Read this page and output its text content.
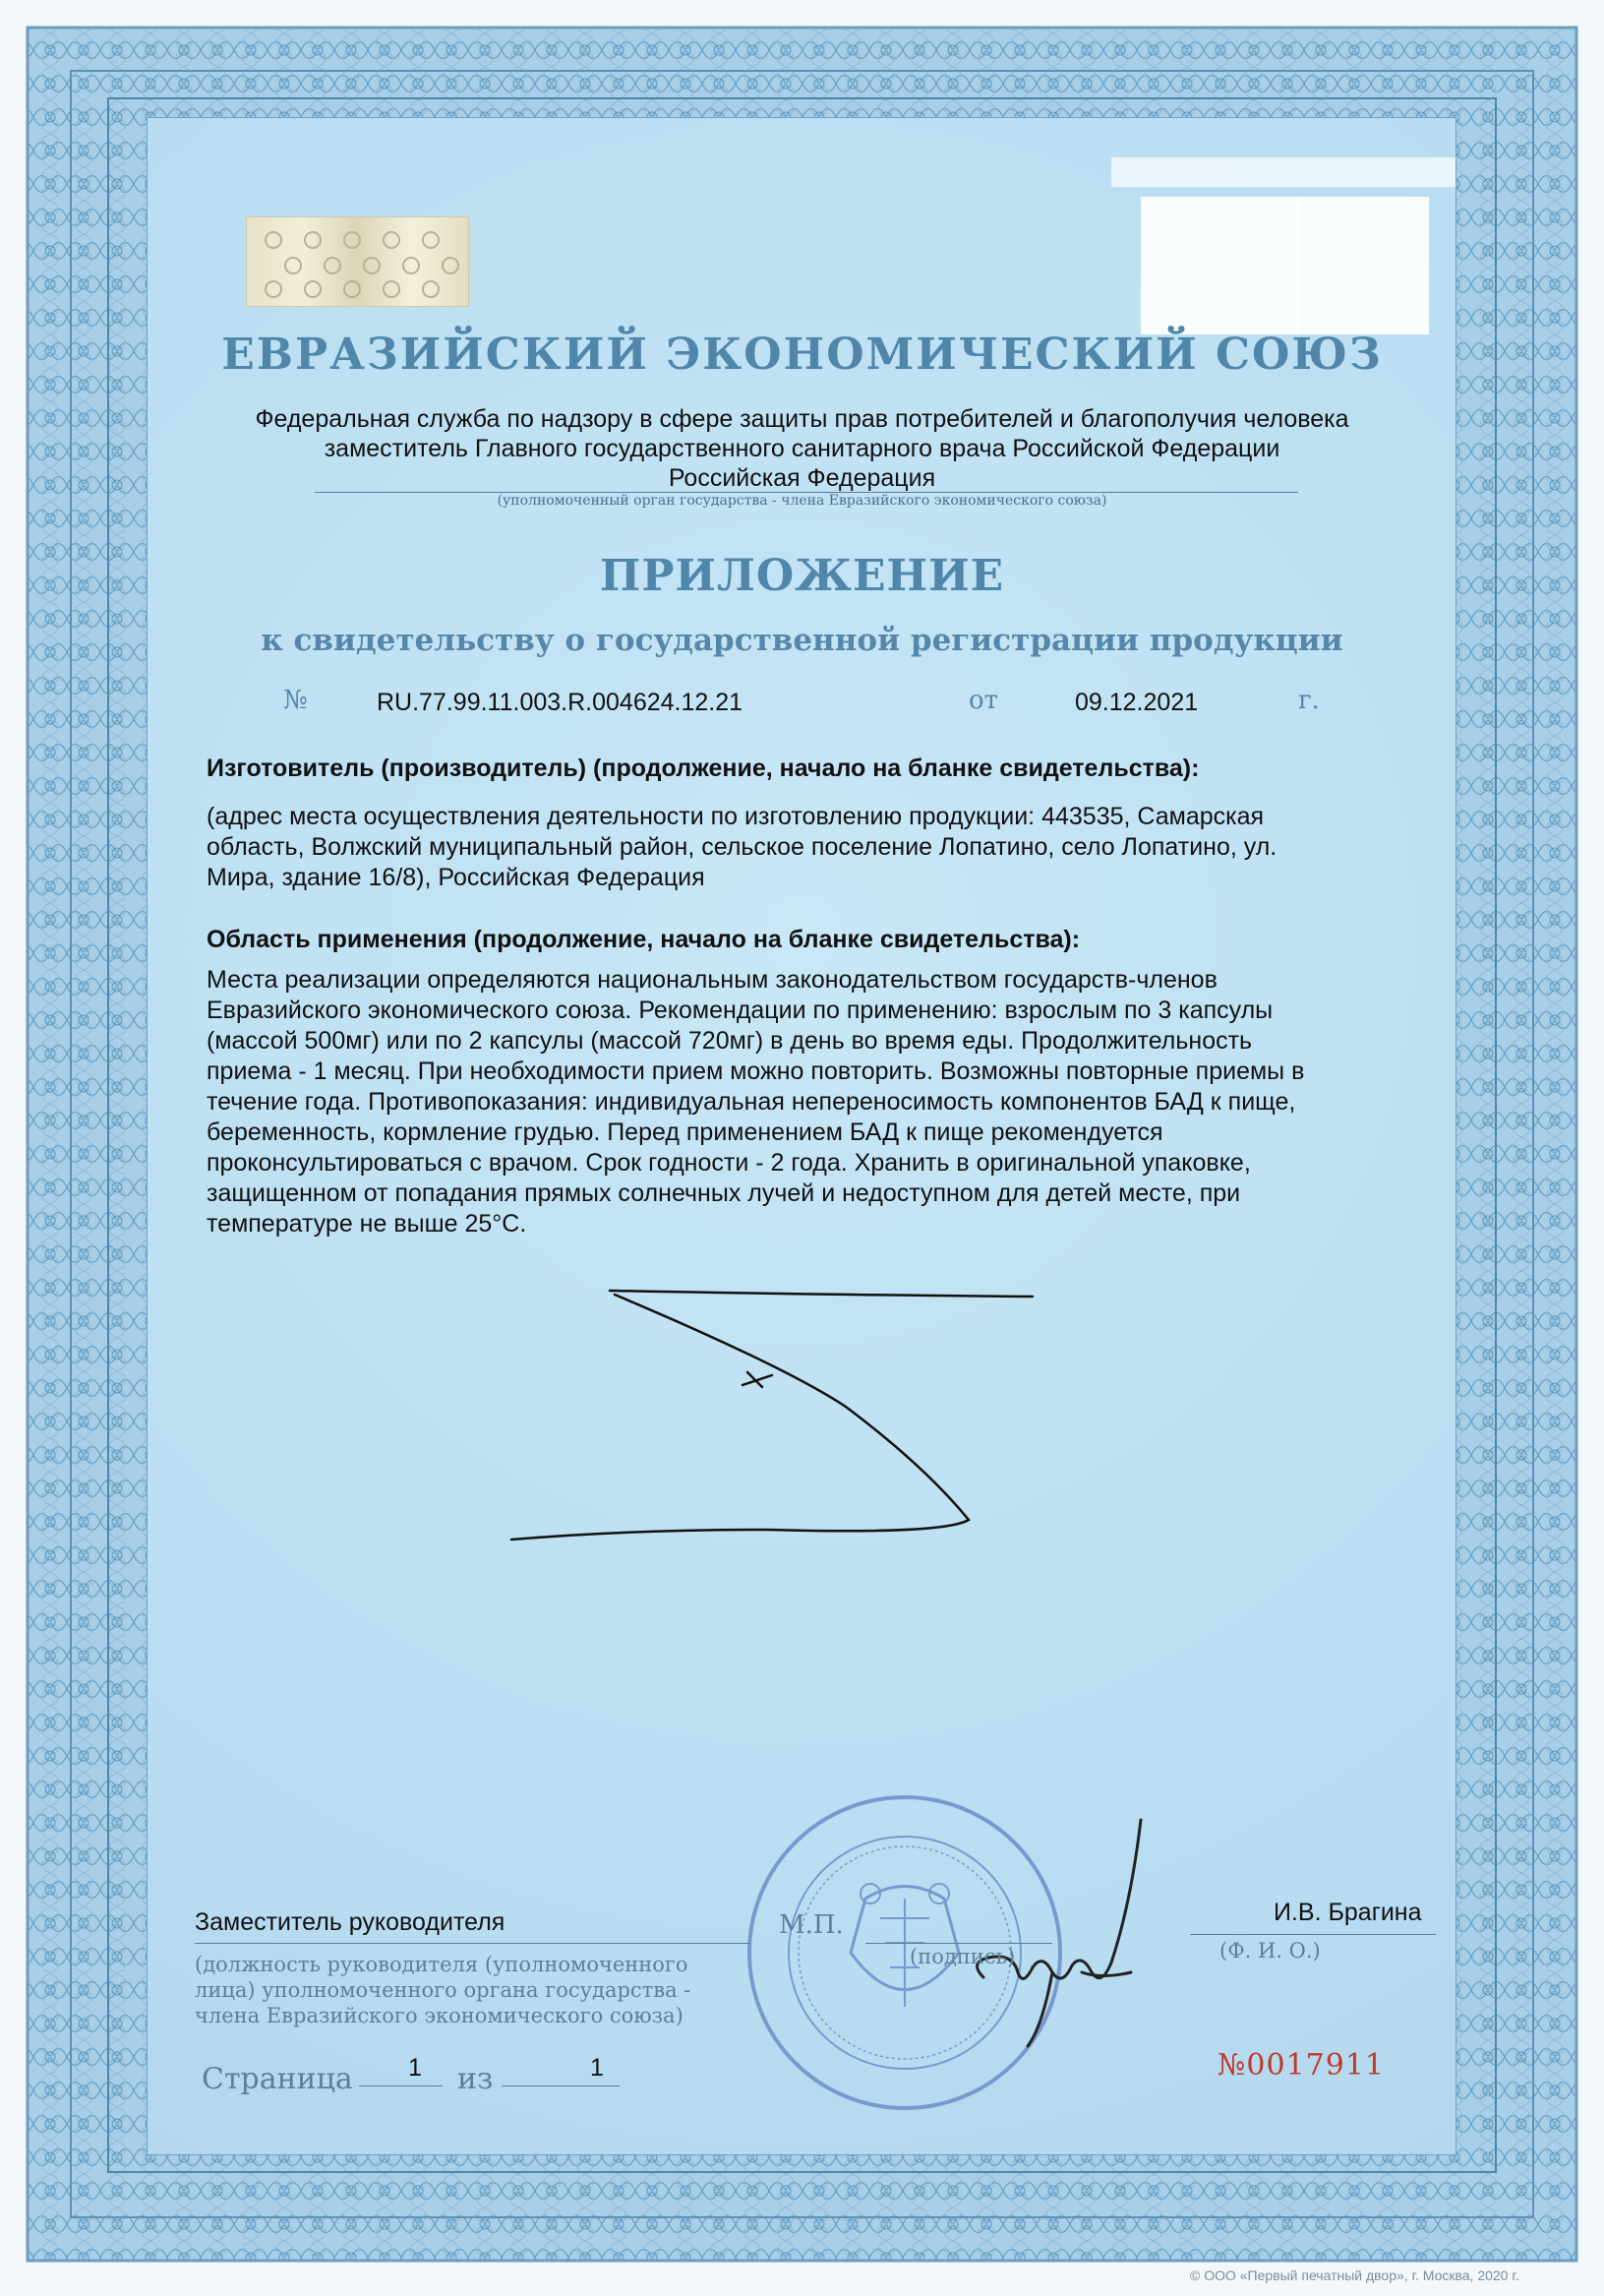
ЕВРАЗИЙСКИЙ ЭКОНОМИЧЕСКИЙ СОЮЗ
Федеральная служба по надзору в сфере защиты прав потребителей и благополучия человека
заместитель Главного государственного санитарного врача Российской Федерации
Российская Федерация
(уполномоченный орган государства - члена Евразийского экономического союза)
ПРИЛОЖЕНИЕ
к свидетельству о государственной регистрации продукции
№	RU.77.99.11.003.R.004624.12.21	от	09.12.2021	г.
Изготовитель (производитель) (продолжение, начало на бланке свидетельства):
(адрес места осуществления деятельности по изготовлению продукции: 443535, Самарская
область, Волжский муниципальный район, сельское поселение Лопатино, село Лопатино, ул.
Мира, здание 16/8), Российская Федерация
Область применения (продолжение, начало на бланке свидетельства):
Места реализации определяются национальным законодательством государств-членов
Евразийского экономического союза. Рекомендации по применению: взрослым по 3 капсулы
(массой 500мг) или по 2 капсулы (массой 720мг) в день во время еды. Продолжительность
приема - 1 месяц. При необходимости прием можно повторить. Возможны повторные приемы в
течение года. Противопоказания: индивидуальная непереносимость компонентов БАД к пище,
беременность, кормление грудью. Перед применением БАД к пище рекомендуется
проконсультироваться с врачом. Срок годности - 2 года. Хранить в оригинальной упаковке,
защищенном от попадания прямых солнечных лучей и недоступном для детей месте, при
температуре не выше 25°С.
Заместитель руководителя
(должность руководителя (уполномоченного
лица) уполномоченного органа государства -
члена Евразийского экономического союза)
М.П.
(подпись)
И.В. Брагина
(Ф. И. О.)
Страница 1 из	1	№0017911
© ООО «Первый печатный двор», г. Москва, 2020 г.
